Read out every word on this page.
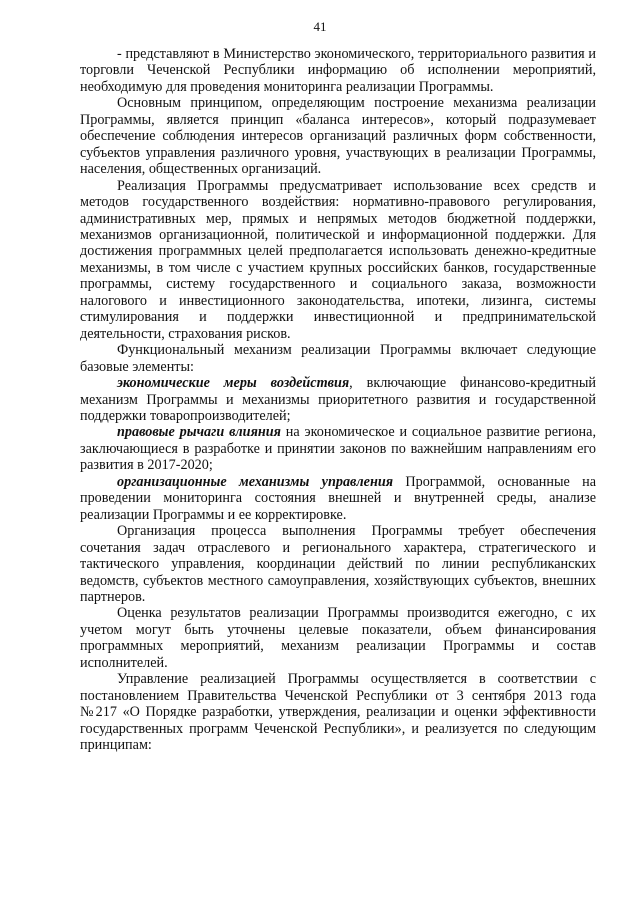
41

- представляют в Министерство экономического, территориального развития и торговли Чеченской Республики информацию об исполнении мероприятий, необходимую для проведения мониторинга реализации Программы.

Основным принципом, определяющим построение механизма реализации Программы, является принцип «баланса интересов», который подразумевает обеспечение соблюдения интересов организаций различных форм собственности, субъектов управления различного уровня, участвующих в реализации Программы, населения, общественных организаций.

Реализация Программы предусматривает использование всех средств и методов государственного воздействия: нормативно-правового регулирования, административных мер, прямых и непрямых методов бюджетной поддержки, механизмов организационной, политической и информационной поддержки. Для достижения программных целей предполагается использовать денежно-кредитные механизмы, в том числе с участием крупных российских банков, государственные программы, систему государственного и социального заказа, возможности налогового и инвестиционного законодательства, ипотеки, лизинга, системы стимулирования и поддержки инвестиционной и предпринимательской деятельности, страхования рисков.

Функциональный механизм реализации Программы включает следующие базовые элементы:

экономические меры воздействия, включающие финансово-кредитный механизм Программы и механизмы приоритетного развития и государственной поддержки товаропроизводителей;

правовые рычаги влияния на экономическое и социальное развитие региона, заключающиеся в разработке и принятии законов по важнейшим направлениям его развития в 2017-2020;

организационные механизмы управления Программой, основанные на проведении мониторинга состояния внешней и внутренней среды, анализе реализации Программы и ее корректировке.

Организация процесса выполнения Программы требует обеспечения сочетания задач отраслевого и регионального характера, стратегического и тактического управления, координации действий по линии республиканских ведомств, субъектов местного самоуправления, хозяйствующих субъектов, внешних партнеров.

Оценка результатов реализации Программы производится ежегодно, с их учетом могут быть уточнены целевые показатели, объем финансирования программных мероприятий, механизм реализации Программы и состав исполнителей.

Управление реализацией Программы осуществляется в соответствии с постановлением Правительства Чеченской Республики от 3 сентября 2013 года №217 «О Порядке разработки, утверждения, реализации и оценки эффективности государственных программ Чеченской Республики», и реализуется по следующим принципам:
